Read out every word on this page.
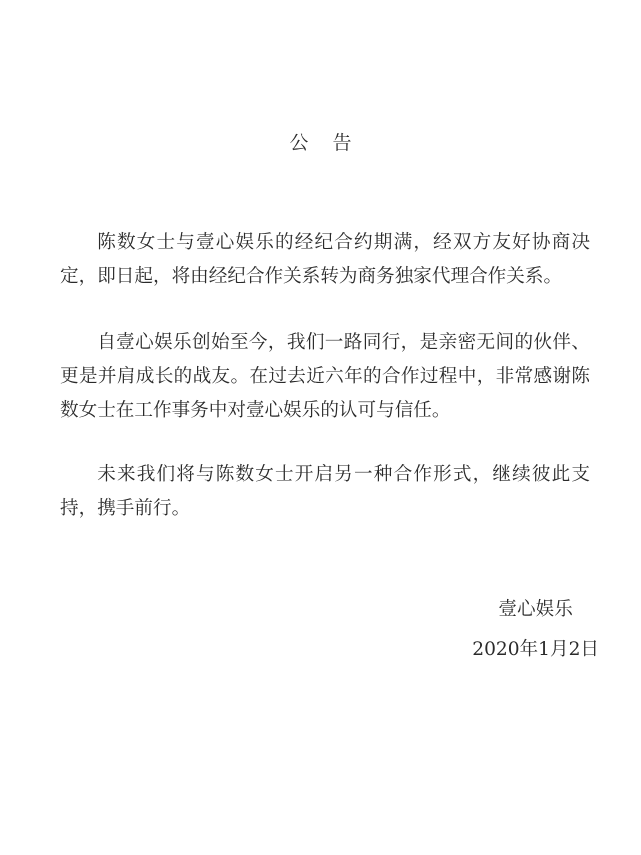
公告

陈数女士与壹心娱乐的经纪合约期满，经双方友好协商决定，即日起，将由经纪合作关系转为商务独家代理合作关系。

自壹心娱乐创始至今，我们一路同行，是亲密无间的伙伴、更是并肩成长的战友。在过去近六年的合作过程中，非常感谢陈数女士在工作事务中对壹心娱乐的认可与信任。

未来我们将与陈数女士开启另一种合作形式，继续彼此支持，携手前行。

壹心娱乐
2020年1月2日
